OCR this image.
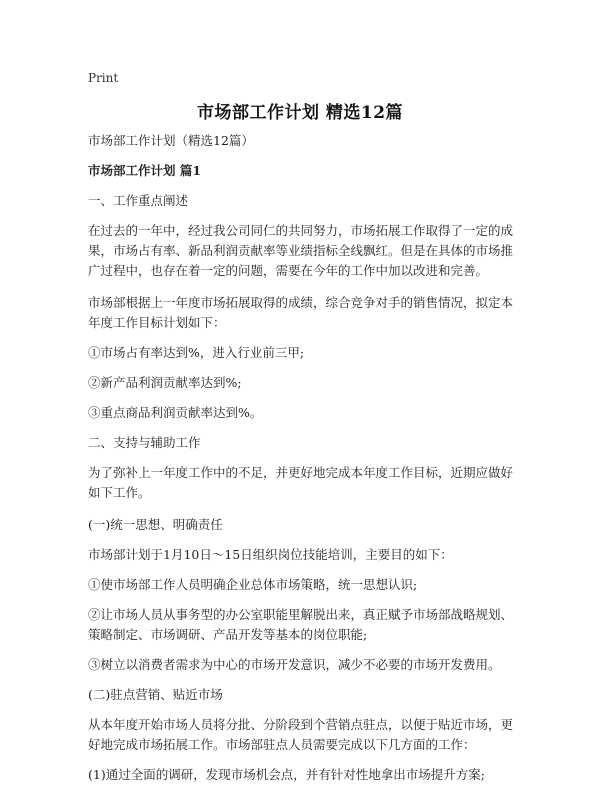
Print
市场部工作计划 精选12篇

市场部工作计划（精选12篇）

市场部工作计划 篇1

一、工作重点阐述

在过去的一年中，经过我公司同仁的共同努力，市场拓展工作取得了一定的成果，市场占有率、新品利润贡献率等业绩指标全线飘红。但是在具体的市场推广过程中，也存在着一定的问题，需要在今年的工作中加以改进和完善。

市场部根据上一年度市场拓展取得的成绩，综合竞争对手的销售情况，拟定本年度工作目标计划如下：

①市场占有率达到%，进入行业前三甲;

②新产品利润贡献率达到%;

③重点商品利润贡献率达到%。

二、支持与辅助工作

为了弥补上一年度工作中的不足，并更好地完成本年度工作目标，近期应做好如下工作。

(一)统一思想、明确责任

市场部计划于1月10日～15日组织岗位技能培训，主要目的如下：

①使市场部工作人员明确企业总体市场策略，统一思想认识;

②让市场人员从事务型的办公室职能里解脱出来，真正赋予市场部战略规划、策略制定、市场调研、产品开发等基本的岗位职能;

③树立以消费者需求为中心的市场开发意识，减少不必要的市场开发费用。

(二)驻点营销、贴近市场

从本年度开始市场人员将分批、分阶段到个营销点驻点，以便于贴近市场，更好地完成市场拓展工作。市场部驻点人员需要完成以下几方面的工作：

(1)通过全面的调研，发现市场机会点，并有针对性地拿出市场提升方案;
